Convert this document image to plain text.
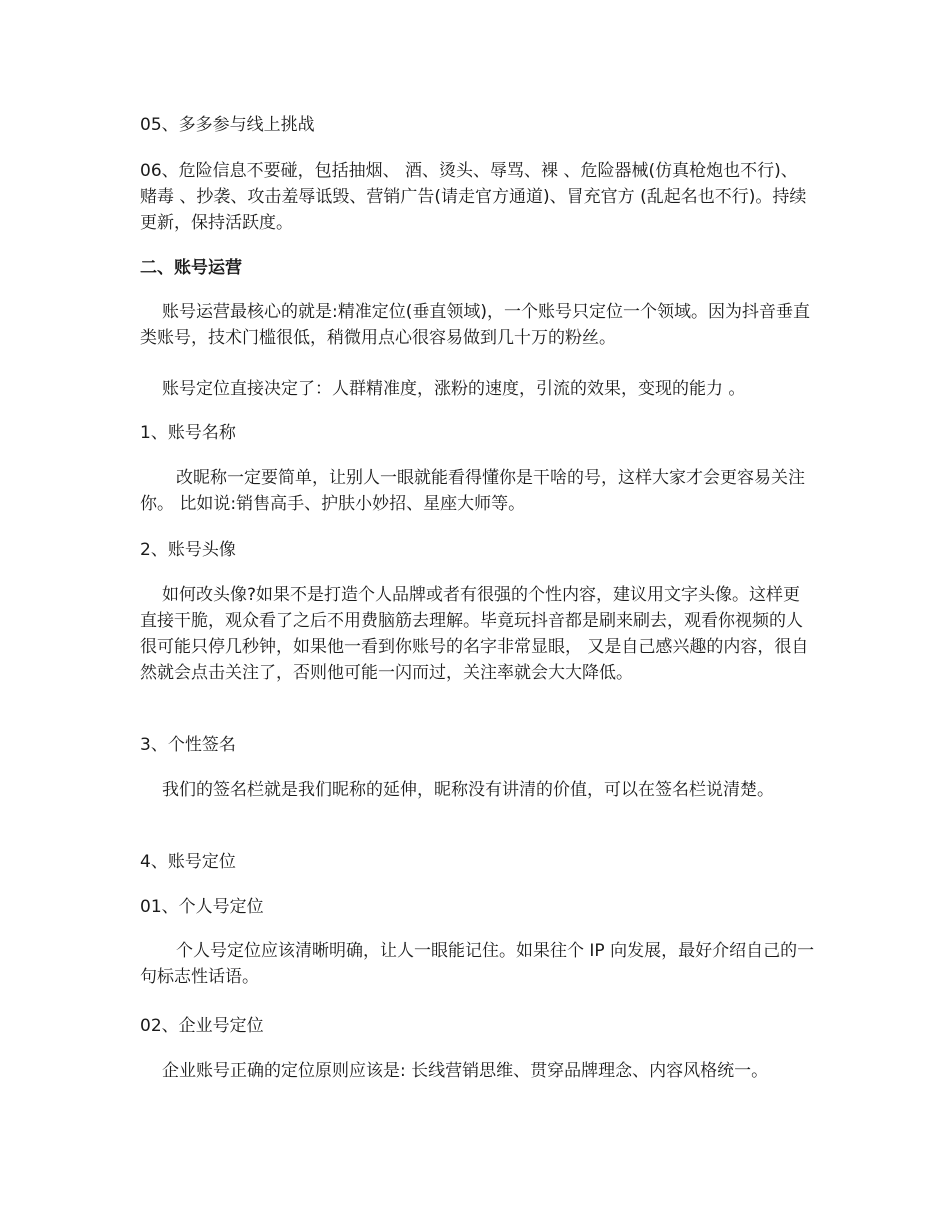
05、多多参与线上挑战

06、危险信息不要碰，包括抽烟、 酒、烫头、辱骂、裸 、危险器械(仿真枪炮也不行)、 赌毒 、抄袭、攻击羞辱诋毁、营销广告(请走官方通道)、冒充官方 (乱起名也不行)。持续更新，保持活跃度。

二、账号运营

账号运营最核心的就是:精准定位(垂直领域)，一个账号只定位一个领域。因为抖音垂直类账号，技术门槛很低，稍微用点心很容易做到几十万的粉丝。

账号定位直接决定了：人群精准度，涨粉的速度，引流的效果，变现的能力 。

1、账号名称

改昵称一定要简单，让别人一眼就能看得懂你是干啥的号，这样大家才会更容易关注你。 比如说:销售高手、护肤小妙招、星座大师等。

2、账号头像

如何改头像?如果不是打造个人品牌或者有很强的个性内容，建议用文字头像。这样更直接干脆，观众看了之后不用费脑筋去理解。毕竟玩抖音都是刷来刷去，观看你视频的人很可能只停几秒钟，如果他一看到你账号的名字非常显眼， 又是自己感兴趣的内容，很自然就会点击关注了，否则他可能一闪而过，关注率就会大大降低。

3、个性签名

我们的签名栏就是我们昵称的延伸，昵称没有讲清的价值，可以在签名栏说清楚。

4、账号定位

01、个人号定位

个人号定位应该清晰明确，让人一眼能记住。如果往个 IP 向发展，最好介绍自己的一句标志性话语。

02、企业号定位

企业账号正确的定位原则应该是: 长线营销思维、贯穿品牌理念、内容风格统一。
